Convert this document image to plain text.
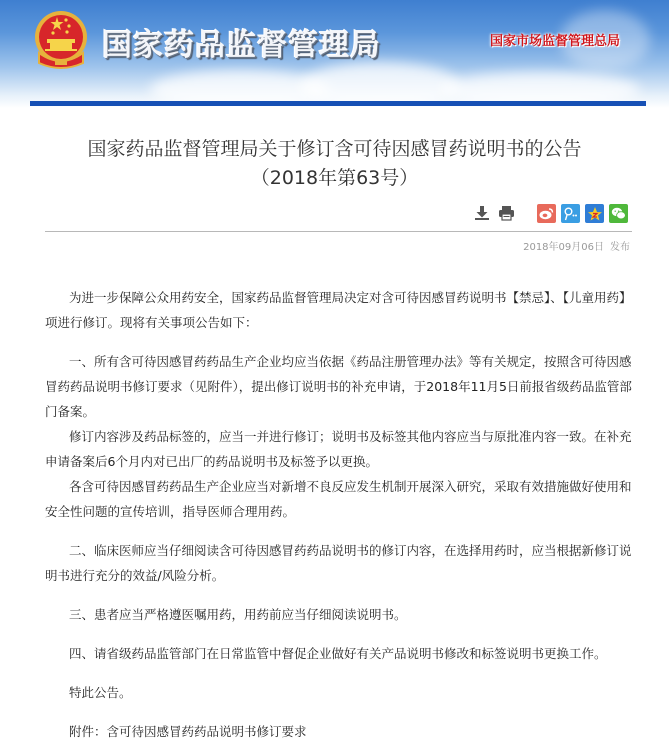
国家药品监督管理局	国家市场监督管理总局
国家药品监督管理局关于修订含可待因感冒药说明书的公告
（2018年第63号）
2018年09月06日 发布

为进一步保障公众用药安全，国家药品监督管理局决定对含可待因感冒药说明书【禁忌】、【儿童用药】项进行修订。现将有关事项公告如下：

一、所有含可待因感冒药药品生产企业均应当依据《药品注册管理办法》等有关规定，按照含可待因感冒药药品说明书修订要求（见附件），提出修订说明书的补充申请，于2018年11月5日前报省级药品监管部门备案。

修订内容涉及药品标签的，应当一并进行修订；说明书及标签其他内容应当与原批准内容一致。在补充申请备案后6个月内对已出厂的药品说明书及标签予以更换。

各含可待因感冒药药品生产企业应当对新增不良反应发生机制开展深入研究，采取有效措施做好使用和安全性问题的宣传培训，指导医师合理用药。

二、临床医师应当仔细阅读含可待因感冒药药品说明书的修订内容，在选择用药时，应当根据新修订说明书进行充分的效益/风险分析。

三、患者应当严格遵医嘱用药，用药前应当仔细阅读说明书。

四、请省级药品监管部门在日常监管中督促企业做好有关产品说明书修改和标签说明书更换工作。

特此公告。

附件：含可待因感冒药药品说明书修订要求
